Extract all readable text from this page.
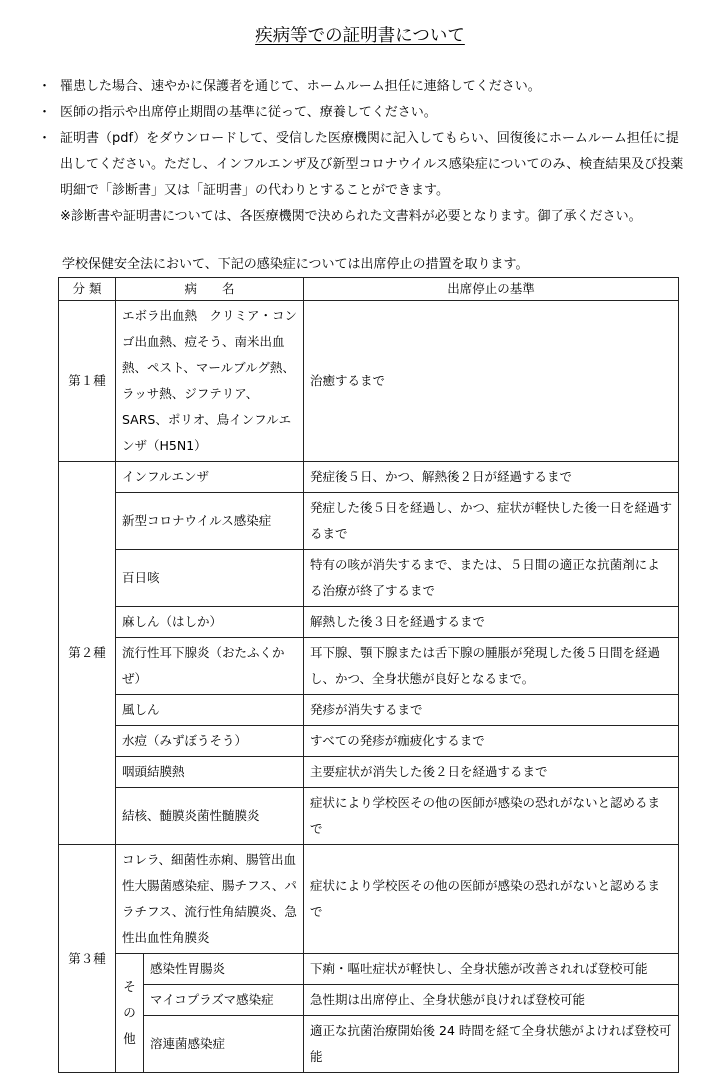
疾病等での証明書について
・ 罹患した場合、速やかに保護者を通じて、ホームルーム担任に連絡してください。
・ 医師の指示や出席停止期間の基準に従って、療養してください。
・ 証明書（pdf）をダウンロードして、受信した医療機関に記入してもらい、回復後にホームルーム担任に提出してください。ただし、インフルエンザ及び新型コロナウイルス感染症についてのみ、検査結果及び投薬明細で「診断書」又は「証明書」の代わりとすることができます。
※診断書や証明書については、各医療機関で決められた文書料が必要となります。御了承ください。
学校保健安全法において、下記の感染症については出席停止の措置を取ります。
分 類	病　　名		出席停止の基準
第１種	エボラ出血熱　クリミア・コンゴ出血熱、痘そう、南米出血熱、ペスト、マールブルグ熱、ラッサ熱、ジフテリア、SARS、ポリオ、鳥インフルエンザ（H5N1）		治癒するまで
第２種	インフルエンザ		発症後５日、かつ、解熱後２日が経過するまで
	新型コロナウイルス感染症		発症した後５日を経過し、かつ、症状が軽快した後一日を経過するまで
	百日咳		特有の咳が消失するまで、または、５日間の適正な抗菌剤による治療が終了するまで
	麻しん（はしか）		解熱した後３日を経過するまで
	流行性耳下腺炎（おたふくかぜ）		耳下腺、顎下腺または舌下腺の腫脹が発現した後５日間を経過し、かつ、全身状態が良好となるまで。
	風しん		発疹が消失するまで
	水痘（みずぼうそう）		すべての発疹が痂疲化するまで
	咽頭結膜熱		主要症状が消失した後２日を経過するまで
	結核、髄膜炎菌性髄膜炎		症状により学校医その他の医師が感染の恐れがないと認めるまで
第３種	コレラ、細菌性赤痢、腸管出血性大腸菌感染症、腸チフス、パラチフス、流行性角結膜炎、急性出血性角膜炎		症状により学校医その他の医師が感染の恐れがないと認めるまで

	その他	感染性胃腸炎	下痢・嘔吐症状が軽快し、全身状態が改善されれば登校可能
		マイコプラズマ感染症	急性期は出席停止、全身状態が良ければ登校可能
		溶連菌感染症	適正な抗菌治療開始後 24 時間を経て全身状態がよければ登校可能
